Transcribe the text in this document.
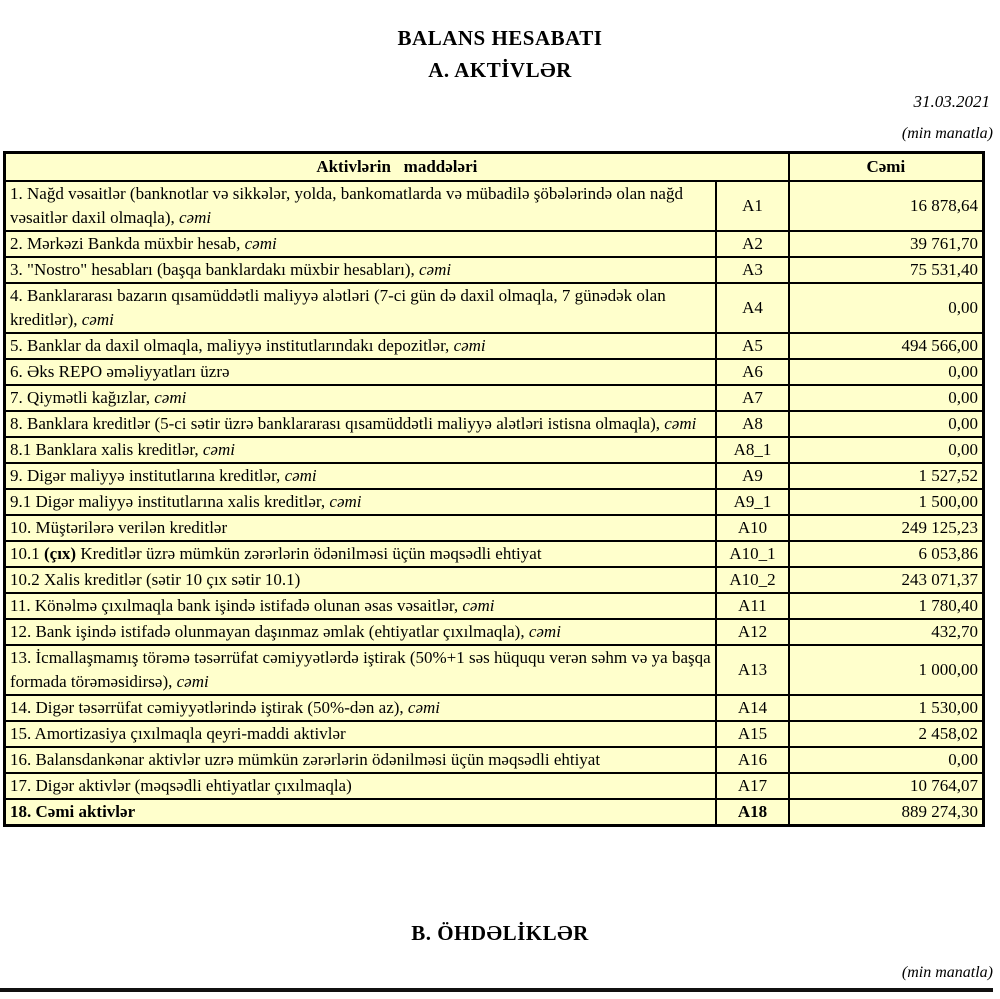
BALANS HESABATI
A. AKTİVLƏR
31.03.2021
(min manatla)
Aktivlərin   maddələri		Cəmi
1. Nağd vəsaitlər (banknotlar və sikkələr, yolda, bankomatlarda və mübadilə şöbələrində olan nağd vəsaitlər daxil olmaqla), cəmi	A1	16 878,64
2. Mərkəzi Bankda müxbir hesab, cəmi	A2	39 761,70
3. "Nostro" hesabları (başqa banklardakı müxbir hesabları), cəmi	A3	75 531,40
4. Banklararası bazarın qısamüddətli maliyyə alətləri (7-ci gün də daxil olmaqla, 7 günədək olan kreditlər), cəmi	A4	0,00
5. Banklar da daxil olmaqla, maliyyə institutlarındakı depozitlər, cəmi	A5	494 566,00
6. Əks REPO əməliyyatları üzrə	A6	0,00
7. Qiymətli kağızlar, cəmi	A7	0,00
8. Banklara kreditlər (5-ci sətir üzrə banklararası qısamüddətli maliyyə alətləri istisna olmaqla), cəmi	A8	0,00
8.1 Banklara xalis kreditlər, cəmi	A8_1	0,00
9. Digər maliyyə institutlarına kreditlər, cəmi	A9	1 527,52
9.1 Digər maliyyə institutlarına xalis kreditlər, cəmi	A9_1	1 500,00
10. Müştərilərə verilən kreditlər	A10	249 125,23
10.1 (çıx) Kreditlər üzrə mümkün zərərlərin ödənilməsi üçün məqsədli ehtiyat	A10_1	6 053,86
10.2 Xalis kreditlər (sətir 10 çıx sətir 10.1)	A10_2	243 071,37
11. Könəlmə çıxılmaqla bank işində istifadə olunan əsas vəsaitlər, cəmi	A11	1 780,40
12. Bank işində istifadə olunmayan daşınmaz əmlak (ehtiyatlar çıxılmaqla), cəmi	A12	432,70
13. İcmallaşmamış törəmə təsərrüfat cəmiyyətlərdə iştirak (50%+1 səs hüququ verən səhm və ya başqa formada törəməsidirsə), cəmi	A13	1 000,00
14. Digər təsərrüfat cəmiyyətlərində iştirak (50%-dən az), cəmi	A14	1 530,00
15. Amortizasiya çıxılmaqla qeyri-maddi aktivlər	A15	2 458,02
16. Balansdankənar aktivlər uzrə mümkün zərərlərin ödənilməsi üçün məqsədli ehtiyat	A16	0,00
17. Digər aktivlər (məqsədli ehtiyatlar çıxılmaqla)	A17	10 764,07
18. Cəmi aktivlər	A18	889 274,30
B. ÖHDƏLİKLƏR
(min manatla)
